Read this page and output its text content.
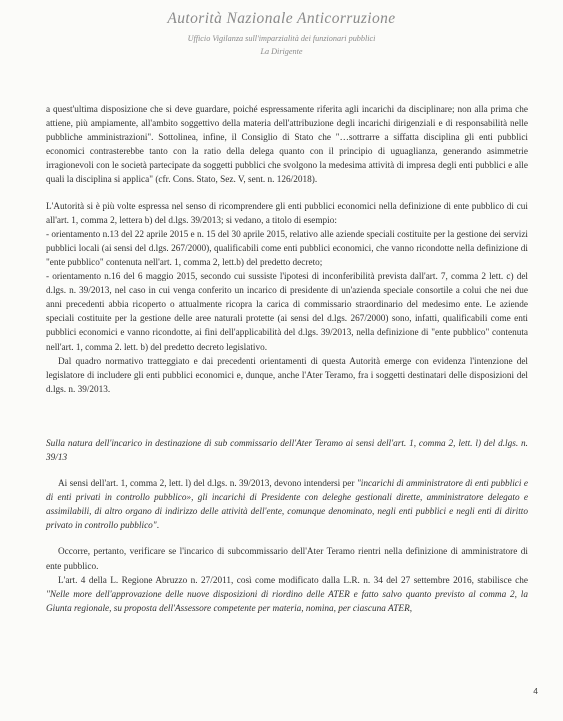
Autorità Nazionale Anticorruzione
Ufficio Vigilanza sull'imparzialità dei funzionari pubblici
La Dirigente

a quest'ultima disposizione che si deve guardare, poiché espressamente riferita agli incarichi da disciplinare; non alla prima che attiene, più ampiamente, all'ambito soggettivo della materia dell'attribuzione degli incarichi dirigenziali e di responsabilità nelle pubbliche amministrazioni". Sottolinea, infine, il Consiglio di Stato che "…sottrarre a siffatta disciplina gli enti pubblici economici contrasterebbe tanto con la ratio della delega quanto con il principio di uguaglianza, generando asimmetrie irragionevoli con le società partecipate da soggetti pubblici che svolgono la medesima attività di impresa degli enti pubblici e alle quali la disciplina si applica" (cfr. Cons. Stato, Sez. V, sent. n. 126/2018).

L'Autorità si è più volte espressa nel senso di ricomprendere gli enti pubblici economici nella definizione di ente pubblico di cui all'art. 1, comma 2, lettera b) del d.lgs. 39/2013; si vedano, a titolo di esempio:

- orientamento n.13 del 22 aprile 2015 e n. 15 del 30 aprile 2015, relativo alle aziende speciali costituite per la gestione dei servizi pubblici locali (ai sensi del d.lgs. 267/2000), qualificabili come enti pubblici economici, che vanno ricondotte nella definizione di "ente pubblico" contenuta nell'art. 1, comma 2, lett.b) del predetto decreto;

- orientamento n.16 del 6 maggio 2015, secondo cui sussiste l'ipotesi di inconferibilità prevista dall'art. 7, comma 2 lett. c) del d.lgs. n. 39/2013, nel caso in cui venga conferito un incarico di presidente di un'azienda speciale consortile a colui che nei due anni precedenti abbia ricoperto o attualmente ricopra la carica di commissario straordinario del medesimo ente. Le aziende speciali costituite per la gestione delle aree naturali protette (ai sensi del d.lgs. 267/2000) sono, infatti, qualificabili come enti pubblici economici e vanno ricondotte, ai fini dell'applicabilità del d.lgs. 39/2013, nella definizione di "ente pubblico" contenuta nell'art. 1, comma 2. lett. b) del predetto decreto legislativo.

Dal quadro normativo tratteggiato e dai precedenti orientamenti di questa Autorità emerge con evidenza l'intenzione del legislatore di includere gli enti pubblici economici e, dunque, anche l'Ater Teramo, fra i soggetti destinatari delle disposizioni del d.lgs. n. 39/2013.

Sulla natura dell'incarico in destinazione di sub commissario dell'Ater Teramo ai sensi dell'art. 1, comma 2, lett. l) del d.lgs. n. 39/13

Ai sensi dell'art. 1, comma 2, lett. l) del d.lgs. n. 39/2013, devono intendersi per "incarichi di amministratore di enti pubblici e di enti privati in controllo pubblico», gli incarichi di Presidente con deleghe gestionali dirette, amministratore delegato e assimilabili, di altro organo di indirizzo delle attività dell'ente, comunque denominato, negli enti pubblici e negli enti di diritto privato in controllo pubblico".

Occorre, pertanto, verificare se l'incarico di subcommissario dell'Ater Teramo rientri nella definizione di amministratore di ente pubblico.

L'art. 4 della L. Regione Abruzzo n. 27/2011, così come modificato dalla L.R. n. 34 del 27 settembre 2016, stabilisce che "Nelle more dell'approvazione delle nuove disposizioni di riordino delle ATER e fatto salvo quanto previsto al comma 2, la Giunta regionale, su proposta dell'Assessore competente per materia, nomina, per ciascuna ATER,

4
